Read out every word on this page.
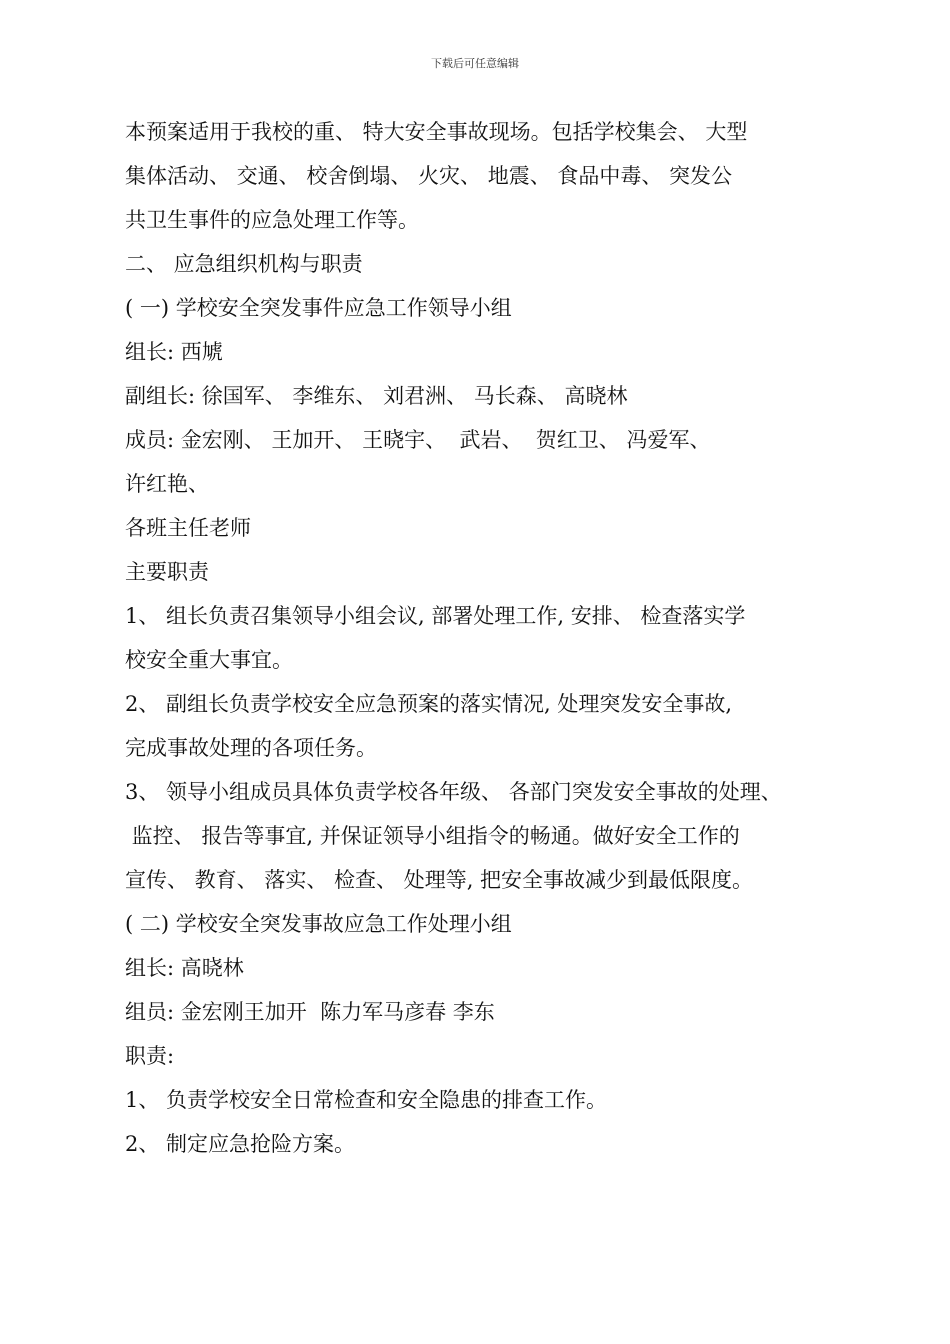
下载后可任意编辑
本预案适用于我校的重、 特大安全事故现场。包括学校集会、 大型
集体活动、 交通、 校舍倒塌、 火灾、 地震、 食品中毒、 突发公
共卫生事件的应急处理工作等。
二、 应急组织机构与职责
( 一) 学校安全突发事件应急工作领导小组
组长: 西虓
副组长: 徐国军、 李维东、 刘君洲、 马长森、 高晓林
成员: 金宏刚、 王加开、 王晓宇、  武岩、  贺红卫、 冯爱军、
许红艳、
各班主任老师
主要职责
1、 组长负责召集领导小组会议, 部署处理工作, 安排、 检查落实学
校安全重大事宜。
2、 副组长负责学校安全应急预案的落实情况, 处理突发安全事故,
完成事故处理的各项任务。
3、 领导小组成员具体负责学校各年级、 各部门突发安全事故的处理、
监控、 报告等事宜, 并保证领导小组指令的畅通。做好安全工作的
宣传、 教育、 落实、 检查、 处理等, 把安全事故减少到最低限度。
( 二) 学校安全突发事故应急工作处理小组
组长: 高晓林
组员: 金宏刚王加开  陈力军马彦春 李东
职责:
1、 负责学校安全日常检查和安全隐患的排查工作。
2、 制定应急抢险方案。
